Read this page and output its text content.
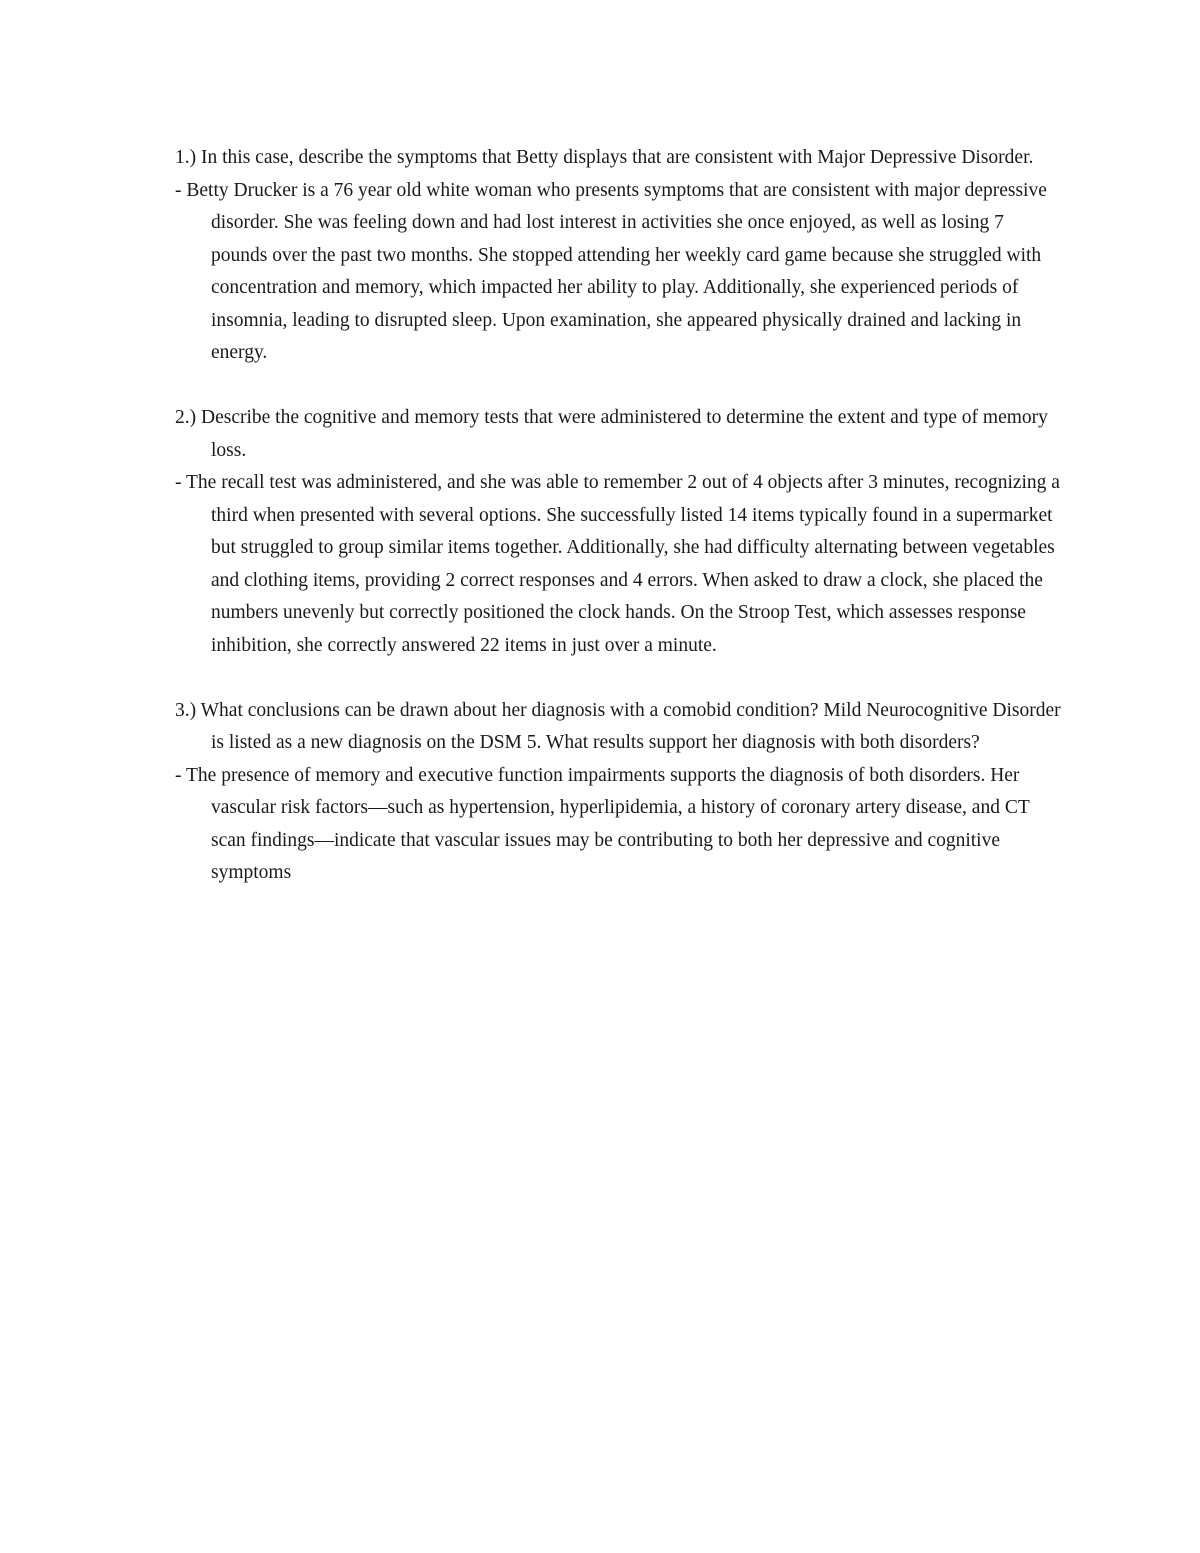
1.) In this case, describe the symptoms that Betty displays that are consistent with Major Depressive Disorder.

- Betty Drucker is a 76 year old white woman who presents symptoms that are consistent with major depressive disorder. She was feeling down and had lost interest in activities she once enjoyed, as well as losing 7 pounds over the past two months. She stopped attending her weekly card game because she struggled with concentration and memory, which impacted her ability to play. Additionally, she experienced periods of insomnia, leading to disrupted sleep. Upon examination, she appeared physically drained and lacking in energy.

2.) Describe the cognitive and memory tests that were administered to determine the extent and type of memory loss.

- The recall test was administered, and she was able to remember 2 out of 4 objects after 3 minutes, recognizing a third when presented with several options. She successfully listed 14 items typically found in a supermarket but struggled to group similar items together. Additionally, she had difficulty alternating between vegetables and clothing items, providing 2 correct responses and 4 errors. When asked to draw a clock, she placed the numbers unevenly but correctly positioned the clock hands. On the Stroop Test, which assesses response inhibition, she correctly answered 22 items in just over a minute.

3.) What conclusions can be drawn about her diagnosis with a comobid condition? Mild Neurocognitive Disorder is listed as a new diagnosis on the DSM 5. What results support her diagnosis with both disorders?

- The presence of memory and executive function impairments supports the diagnosis of both disorders. Her vascular risk factors—such as hypertension, hyperlipidemia, a history of coronary artery disease, and CT scan findings—indicate that vascular issues may be contributing to both her depressive and cognitive symptoms
